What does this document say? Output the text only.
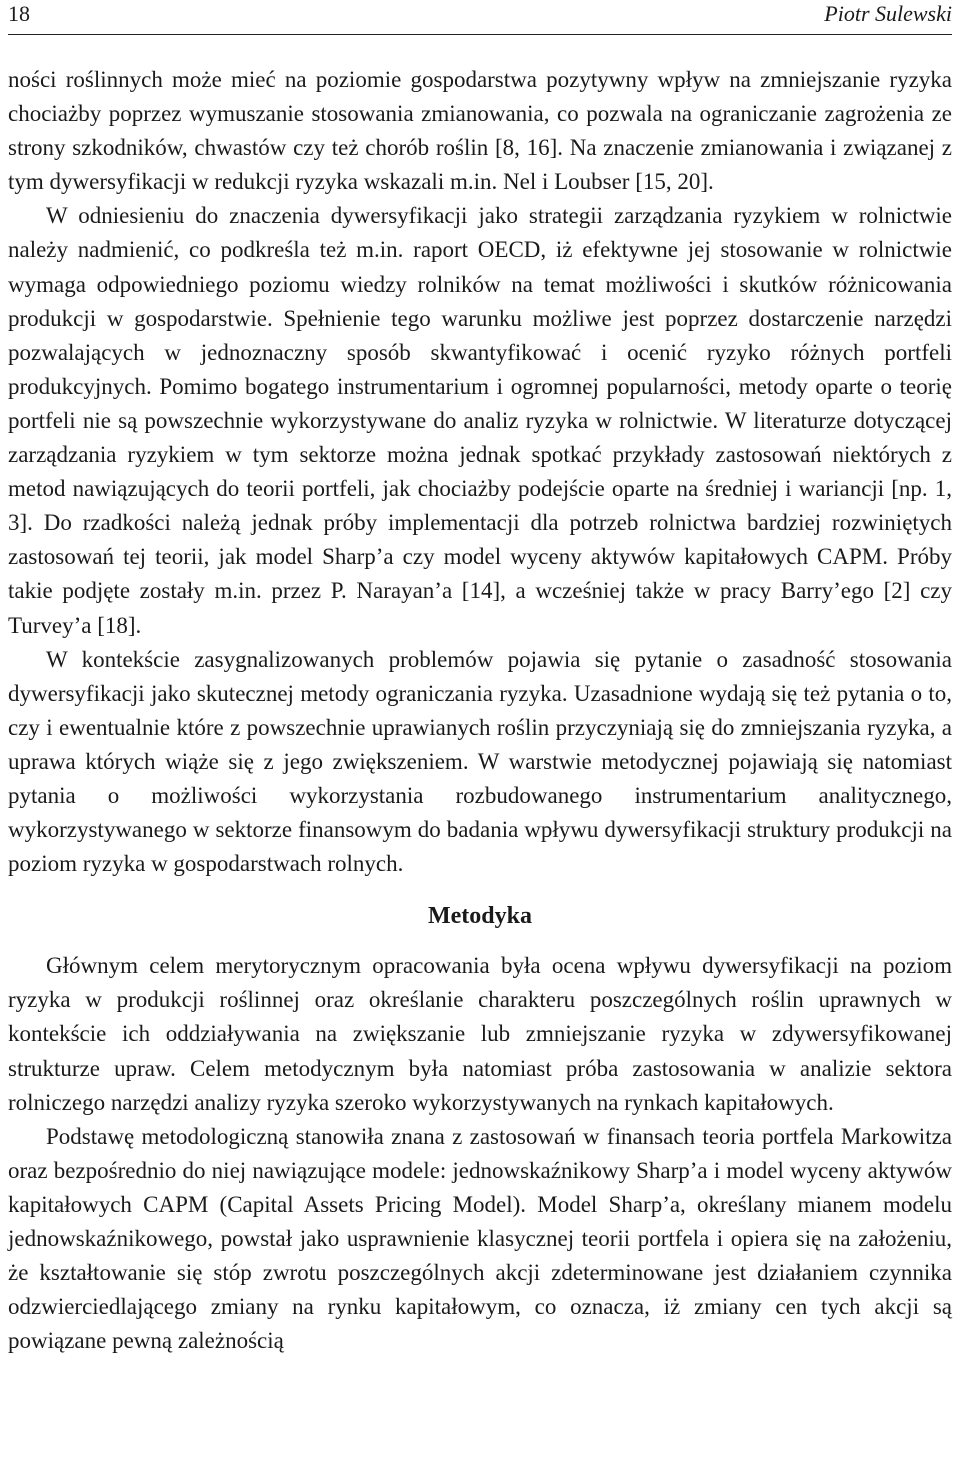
18	Piotr Sulewski

ności roślinnych może mieć na poziomie gospodarstwa pozytywny wpływ na zmniejszanie ryzyka chociażby poprzez wymuszanie stosowania zmianowania, co pozwala na ograniczanie zagrożenia ze strony szkodników, chwastów czy też chorób roślin [8, 16]. Na znaczenie zmianowania i związanej z tym dywersyfikacji w redukcji ryzyka wskazali m.in. Nel i Loubser [15, 20].

W odniesieniu do znaczenia dywersyfikacji jako strategii zarządzania ryzykiem w rolnictwie należy nadmienić, co podkreśla też m.in. raport OECD, iż efektywne jej stosowanie w rolnictwie wymaga odpowiedniego poziomu wiedzy rolników na temat możliwości i skutków różnicowania produkcji w gospodarstwie. Spełnienie tego warunku możliwe jest poprzez dostarczenie narzędzi pozwalających w jednoznaczny sposób skwantyfikować i ocenić ryzyko różnych portfeli produkcyjnych. Pomimo bogatego instrumentarium i ogromnej popularności, metody oparte o teorię portfeli nie są powszechnie wykorzystywane do analiz ryzyka w rolnictwie. W literaturze dotyczącej zarządzania ryzykiem w tym sektorze można jednak spotkać przykłady zastosowań niektórych z metod nawiązujących do teorii portfeli, jak chociażby podejście oparte na średniej i wariancji [np. 1, 3]. Do rzadkości należą jednak próby implementacji dla potrzeb rolnictwa bardziej rozwiniętych zastosowań tej teorii, jak model Sharp’a czy model wyceny aktywów kapitałowych CAPM. Próby takie podjęte zostały m.in. przez P. Narayan’a [14], a wcześniej także w pracy Barry’ego [2] czy Turvey’a [18].

W kontekście zasygnalizowanych problemów pojawia się pytanie o zasadność stosowania dywersyfikacji jako skutecznej metody ograniczania ryzyka. Uzasadnione wydają się też pytania o to, czy i ewentualnie które z powszechnie uprawianych roślin przyczyniają się do zmniejszania ryzyka, a uprawa których wiąże się z jego zwiększeniem. W warstwie metodycznej pojawiają się natomiast pytania o możliwości wykorzystania rozbudowanego instrumentarium analitycznego, wykorzystywanego w sektorze finansowym do badania wpływu dywersyfikacji struktury produkcji na poziom ryzyka w gospodarstwach rolnych.

Metodyka

Głównym celem merytorycznym opracowania była ocena wpływu dywersyfikacji na poziom ryzyka w produkcji roślinnej oraz określanie charakteru poszczególnych roślin uprawnych w kontekście ich oddziaływania na zwiększanie lub zmniejszanie ryzyka w zdywersyfikowanej strukturze upraw. Celem metodycznym była natomiast próba zastosowania w analizie sektora rolniczego narzędzi analizy ryzyka szeroko wykorzystywanych na rynkach kapitałowych.

Podstawę metodologiczną stanowiła znana z zastosowań w finansach teoria portfela Markowitza oraz bezpośrednio do niej nawiązujące modele: jednowskaźnikowy Sharp’a i model wyceny aktywów kapitałowych CAPM (Capital Assets Pricing Model). Model Sharp’a, określany mianem modelu jednowskaźnikowego, powstał jako usprawnienie klasycznej teorii portfela i opiera się na założeniu, że kształtowanie się stóp zwrotu poszczególnych akcji zdeterminowane jest działaniem czynnika odzwierciedlającego zmiany na rynku kapitałowym, co oznacza, iż zmiany cen tych akcji są powiązane pewną zależnością
